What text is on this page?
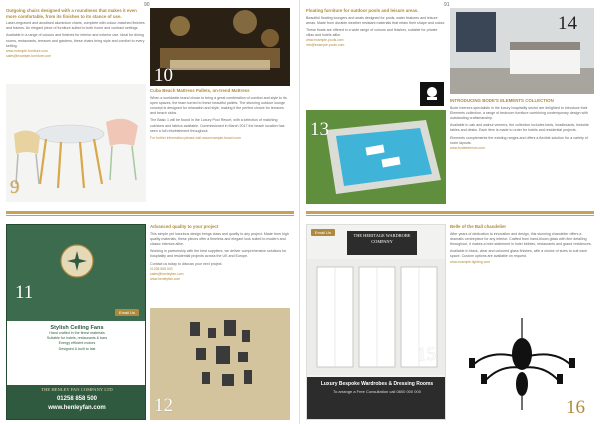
90
Outgoing chairs designed with a roundness that makes it even more comfortable, from its finishes to its stance of use.
Laser-engraved and anodised aluminium chairs, complete with colour-matched finishes and frames. An elegant piece of furniture suited to both home and contract settings.
Available in a range of colours and finishes for interior and exterior use. Ideal for dining rooms, restaurants, terraces and gardens, these chairs bring style and comfort to every setting.
www.example-furniture.com
sales@example-furniture.com
9
10
Cuba Beach Mattress Pallets, on-trend Mattress
When a worldwide brand chose to bring a great combination of comfort and style to its open spaces, the team turned to these beautiful pallets. The stunning outdoor lounge concept is designed for relaxation and style, making it the perfect choice for terraces and beach clubs.
The Basic 1 will be found in the Luxury Pool Resort, with a selection of matching cushions and fabrics available. Commissioned in March 2017 the beach location has seen a full refurbishment throughout.
For further information please visit www.example-beach.com
11
Email Us
Stylish Ceiling Fans
Hand crafted in the finest materials
Suitable for hotels, restaurants & bars
Energy efficient motors
Designed & built to last
THE HENLEY FAN COMPANY LTD
01258 858 500
www.henleyfan.com
Advanced quality to your project
This simple yet luxurious design brings class and quality to any project. Made from high quality materials, these pieces offer a timeless and elegant look suited to modern and classic interiors alike.
Working in partnership with the best suppliers, we deliver comprehensive solutions for hospitality and residential projects across the UK and Europe.
Contact us today to discuss your next project.
01258 858 500
sales@henleyfan.com
www.henleyfan.com
12
91
Floating furniture for outdoor pools and leisure areas.
Beautiful floating loungers and seats designed for pools, water features and leisure areas. Made from durable weather resistant materials that retain their shape and colour.
These floats are offered in a wide range of colours and finishes, suitable for private villas and hotels alike.
www.example-pools.com
info@example-pools.com
13
14
INTRODUCING BODE'S ELEMENTS COLLECTION
Bode Interiors specialists in the luxury hospitality sector are delighted to introduce their Elements collection, a range of bedroom furniture combining contemporary design with outstanding craftsmanship.
Available in oak and walnut veneers, the collection includes beds, headboards, bedside tables and desks. Each item is made to order for hotels and residential projects.
Elements complements the existing ranges and offers a flexible solution for a variety of room layouts.
www.bodeinteriors.com
Email Us
THE HERITAGE WARDROBE COMPANY
15
Luxury Bespoke Wardrobes & Dressing Rooms
To arrange a Free Consultation call 0800 000 000
Belle of the Ball chandelier
After years of dedication to innovation and design, this stunning chandelier offers a dramatic centrepiece for any interior. Crafted from hand-blown glass with fine detailing throughout, it makes a bold statement in hotel lobbies, restaurants and grand residences.
Available in black, clear and coloured glass finishes, with a choice of sizes to suit each space. Custom options are available on request.
www.example-lighting.com
16
